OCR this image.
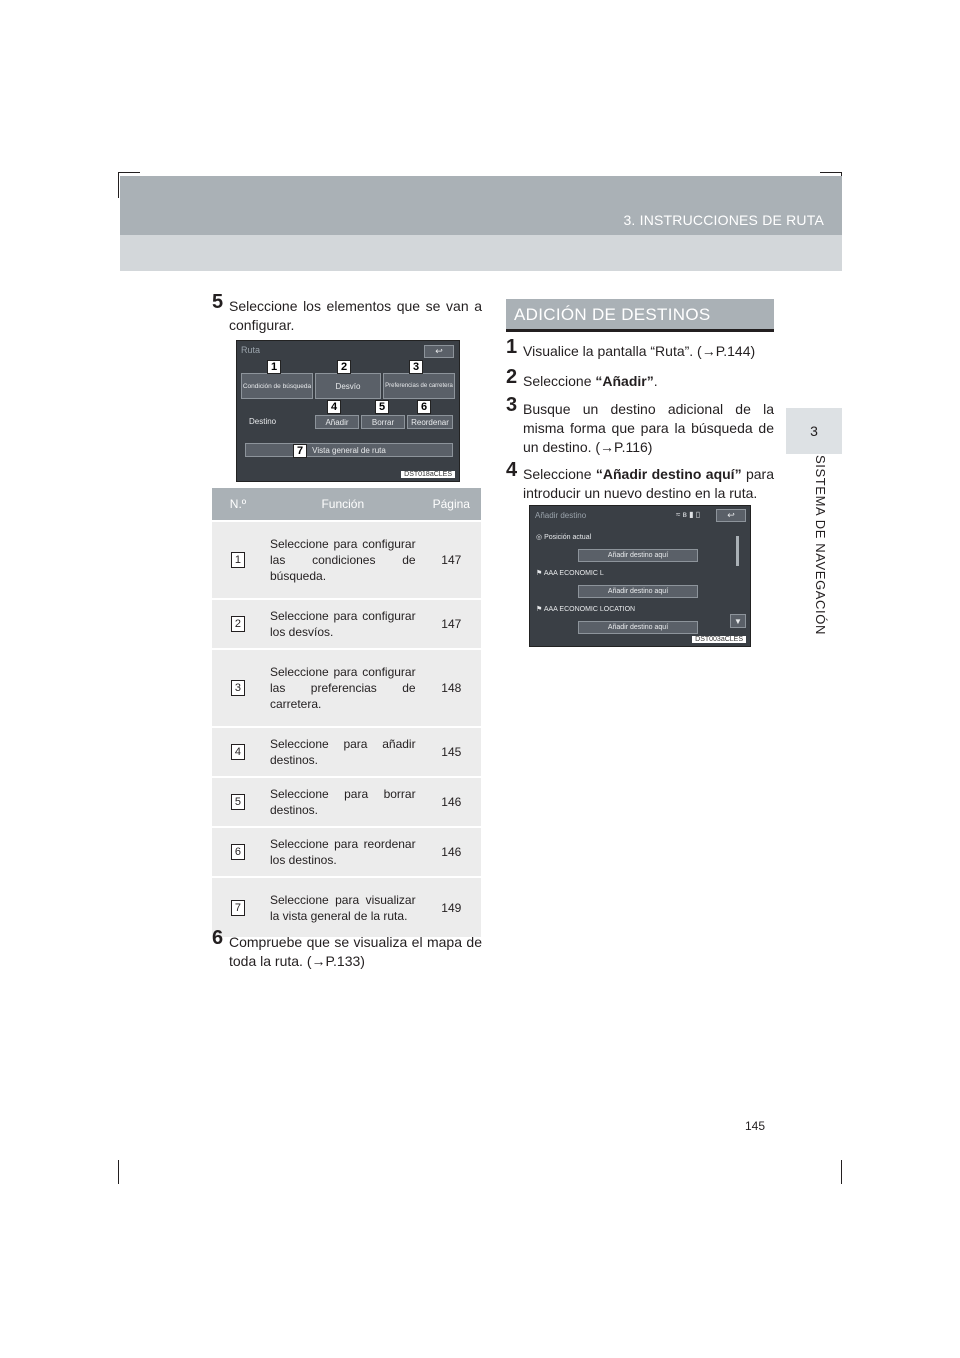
3. INSTRUCCIONES DE RUTA
3
SISTEMA DE NAVEGACIÓN
5 Seleccione los elementos que se van a configurar.
Ruta	↩
Condición de búsqueda	Desvío	Preferencias de carretera
Destino	Añadir	Borrar	Reordenar
Vista general de ruta
DST018aCLES
1	2	3
4	5	6
7
N.º	Función	Página
1	Seleccione para configurar las condiciones de búsqueda.	147
2	Seleccione para configurar los desvíos.	147
3	Seleccione para configurar las preferencias de carretera.	148
4	Seleccione para añadir destinos.	145
5	Seleccione para borrar destinos.	146
6	Seleccione para reordenar los destinos.	146
7	Seleccione para visualizar la vista general de la ruta.	149
6 Compruebe que se visualiza el mapa de toda la ruta. (→P.133)
ADICIÓN DE DESTINOS
1 Visualice la pantalla “Ruta”. (→P.144)
2 Seleccione “Añadir”.
3 Busque un destino adicional de la misma forma que para la búsqueda de un destino. (→P.116)
4 Seleccione “Añadir destino aquí” para introducir un nuevo destino en la ruta.
Añadir destino	≈ ʙ ▮ ▯	↩
◎ Posición actual
Añadir destino aquí
⚑ AAA ECONOMIC L
Añadir destino aquí
⚑ AAA ECONOMIC LOCATION
Añadir destino aquí
▼
DST003aCLES
145
